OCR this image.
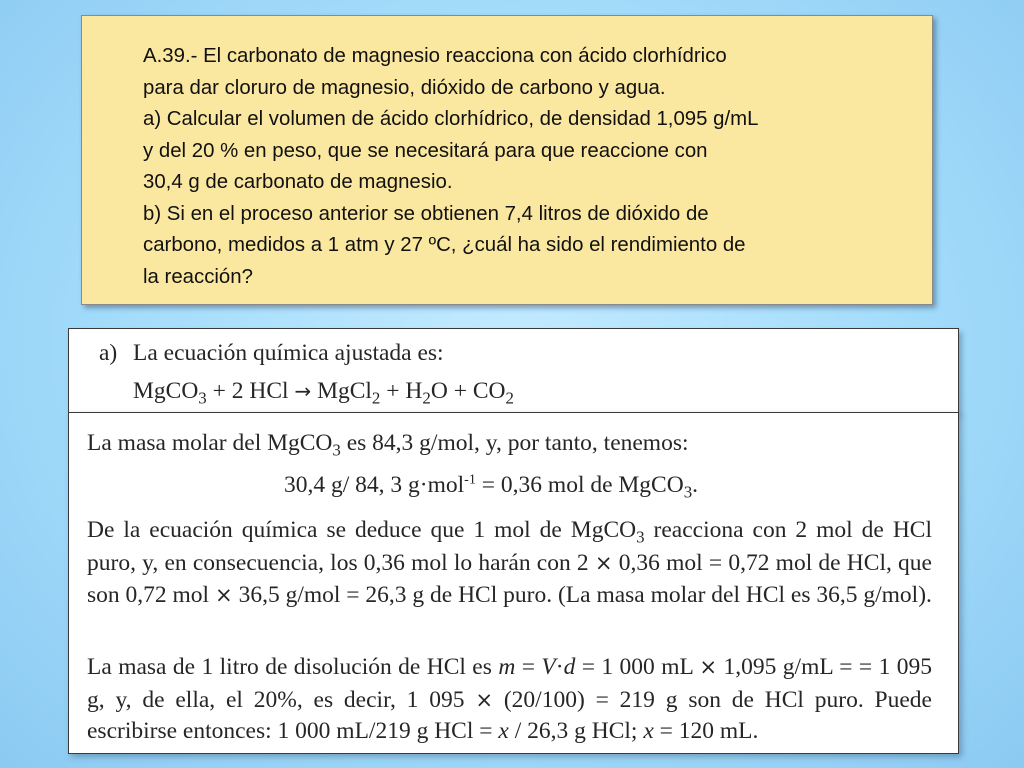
A.39.- El carbonato de magnesio reacciona con ácido clorhídrico

para dar cloruro de magnesio, dióxido de carbono y agua.

a) Calcular el volumen de ácido clorhídrico, de densidad 1,095 g/mL

y del 20 % en peso, que se necesitará para que reaccione con

30,4 g de carbonato de magnesio.

b) Si en el proceso anterior se obtienen 7,4 litros de dióxido de

carbono, medidos a 1 atm y 27 ºC, ¿cuál ha sido el rendimiento de

la reacción?

a) La ecuación química ajustada es:
MgCO$_3$ + 2 HCl → MgCl$_2$ + $H_2O + CO_2$
La masa molar del MgCO$_3$ es 84,3 g/mol, y, por tanto, tenemos:
30,4 g/ 84, 3 g·mol$^{-1}$ = 0,36 mol de MgCO$_3$.
De la ecuación química se deduce que 1 mol de MgCO$_3$ reacciona con 2 mol de HCl puro, y, en consecuencia, los 0,36 mol lo harán con 2 × 0,36 mol = 0,72 mol de HCl, que son 0,72 mol × 36,5 g/mol = 26,3 g de HCl puro. (La masa molar del HCl es 36,5 g/mol).
La masa de 1 litro de disolución de HCl es m = V·d = 1 000 mL × 1,095 g/mL = = 1 095 g, y, de ella, el 20%, es decir, 1 095 × (20/100) = 219 g son de HCl puro. Puede escribirse entonces: 1 000 mL/219 g HCl = x / 26,3 g HCl; x = 120 mL.
